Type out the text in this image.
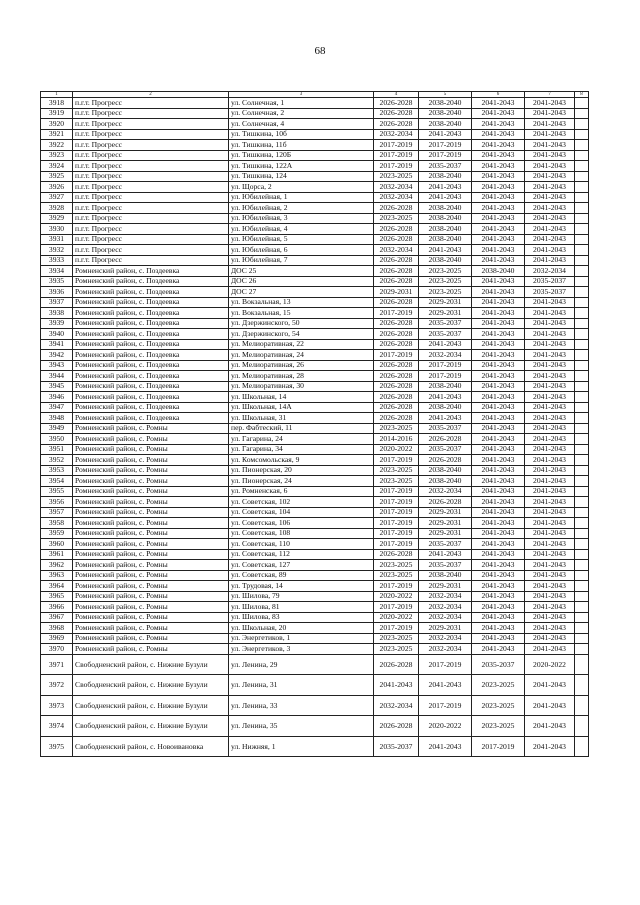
68
1	2	3	4	5	6	7	8
3918	п.г.т. Прогресс	ул. Солнечная, 1	2026-2028	2038-2040	2041-2043	2041-2043	
3919	п.г.т. Прогресс	ул. Солнечная, 2	2026-2028	2038-2040	2041-2043	2041-2043	
3920	п.г.т. Прогресс	ул. Солнечная, 4	2026-2028	2038-2040	2041-2043	2041-2043	
3921	п.г.т. Прогресс	ул. Тишкина, 10б	2032-2034	2041-2043	2041-2043	2041-2043	
3922	п.г.т. Прогресс	ул. Тишкина, 11б	2017-2019	2017-2019	2041-2043	2041-2043	
3923	п.г.т. Прогресс	ул. Тишкина, 120Б	2017-2019	2017-2019	2041-2043	2041-2043	
3924	п.г.т. Прогресс	ул. Тишкина, 122А	2017-2019	2035-2037	2041-2043	2041-2043	
3925	п.г.т. Прогресс	ул. Тишкина, 124	2023-2025	2038-2040	2041-2043	2041-2043	
3926	п.г.т. Прогресс	ул. Щорса, 2	2032-2034	2041-2043	2041-2043	2041-2043	
3927	п.г.т. Прогресс	ул. Юбилейная, 1	2032-2034	2041-2043	2041-2043	2041-2043	
3928	п.г.т. Прогресс	ул. Юбилейная, 2	2026-2028	2038-2040	2041-2043	2041-2043	
3929	п.г.т. Прогресс	ул. Юбилейная, 3	2023-2025	2038-2040	2041-2043	2041-2043	
3930	п.г.т. Прогресс	ул. Юбилейная, 4	2026-2028	2038-2040	2041-2043	2041-2043	
3931	п.г.т. Прогресс	ул. Юбилейная, 5	2026-2028	2038-2040	2041-2043	2041-2043	
3932	п.г.т. Прогресс	ул. Юбилейная, 6	2032-2034	2041-2043	2041-2043	2041-2043	
3933	п.г.т. Прогресс	ул. Юбилейная, 7	2026-2028	2038-2040	2041-2043	2041-2043	
3934	Ромненский район, с. Поздеевка	ДОС 25	2026-2028	2023-2025	2038-2040	2032-2034	
3935	Ромненский район, с. Поздеевка	ДОС 26	2026-2028	2023-2025	2041-2043	2035-2037	
3936	Ромненский район, с. Поздеевка	ДОС 27	2029-2031	2023-2025	2041-2043	2035-2037	
3937	Ромненский район, с. Поздеевка	ул. Вокзальная, 13	2026-2028	2029-2031	2041-2043	2041-2043	
3938	Ромненский район, с. Поздеевка	ул. Вокзальная, 15	2017-2019	2029-2031	2041-2043	2041-2043	
3939	Ромненский район, с. Поздеевка	ул. Дзержинского, 50	2026-2028	2035-2037	2041-2043	2041-2043	
3940	Ромненский район, с. Поздеевка	ул. Дзержинского, 54	2026-2028	2035-2037	2041-2043	2041-2043	
3941	Ромненский район, с. Поздеевка	ул. Мелиоративная, 22	2026-2028	2041-2043	2041-2043	2041-2043	
3942	Ромненский район, с. Поздеевка	ул. Мелиоративная, 24	2017-2019	2032-2034	2041-2043	2041-2043	
3943	Ромненский район, с. Поздеевка	ул. Мелиоративная, 26	2026-2028	2017-2019	2041-2043	2041-2043	
3944	Ромненский район, с. Поздеевка	ул. Мелиоративная, 28	2026-2028	2017-2019	2041-2043	2041-2043	
3945	Ромненский район, с. Поздеевка	ул. Мелиоративная, 30	2026-2028	2038-2040	2041-2043	2041-2043	
3946	Ромненский район, с. Поздеевка	ул. Школьная, 14	2026-2028	2041-2043	2041-2043	2041-2043	
3947	Ромненский район, с. Поздеевка	ул. Школьная, 14А	2026-2028	2038-2040	2041-2043	2041-2043	
3948	Ромненский район, с. Поздеевка	ул. Школьная, 31	2026-2028	2041-2043	2041-2043	2041-2043	
3949	Ромненский район, с. Ромны	пер. Фабтеский, 11	2023-2025	2035-2037	2041-2043	2041-2043	
3950	Ромненский район, с. Ромны	ул. Гагарина, 24	2014-2016	2026-2028	2041-2043	2041-2043	
3951	Ромненский район, с. Ромны	ул. Гагарина, 34	2020-2022	2035-2037	2041-2043	2041-2043	
3952	Ромненский район, с. Ромны	ул. Комсомольская, 9	2017-2019	2026-2028	2041-2043	2041-2043	
3953	Ромненский район, с. Ромны	ул. Пионерская, 20	2023-2025	2038-2040	2041-2043	2041-2043	
3954	Ромненский район, с. Ромны	ул. Пионерская, 24	2023-2025	2038-2040	2041-2043	2041-2043	
3955	Ромненский район, с. Ромны	ул. Ромненская, 6	2017-2019	2032-2034	2041-2043	2041-2043	
3956	Ромненский район, с. Ромны	ул. Советская, 102	2017-2019	2026-2028	2041-2043	2041-2043	
3957	Ромненский район, с. Ромны	ул. Советская, 104	2017-2019	2029-2031	2041-2043	2041-2043	
3958	Ромненский район, с. Ромны	ул. Советская, 106	2017-2019	2029-2031	2041-2043	2041-2043	
3959	Ромненский район, с. Ромны	ул. Советская, 108	2017-2019	2029-2031	2041-2043	2041-2043	
3960	Ромненский район, с. Ромны	ул. Советская, 110	2017-2019	2035-2037	2041-2043	2041-2043	
3961	Ромненский район, с. Ромны	ул. Советская, 112	2026-2028	2041-2043	2041-2043	2041-2043	
3962	Ромненский район, с. Ромны	ул. Советская, 127	2023-2025	2035-2037	2041-2043	2041-2043	
3963	Ромненский район, с. Ромны	ул. Советская, 89	2023-2025	2038-2040	2041-2043	2041-2043	
3964	Ромненский район, с. Ромны	ул. Трудовая, 14	2017-2019	2029-2031	2041-2043	2041-2043	
3965	Ромненский район, с. Ромны	ул. Шилова, 79	2020-2022	2032-2034	2041-2043	2041-2043	
3966	Ромненский район, с. Ромны	ул. Шилова, 81	2017-2019	2032-2034	2041-2043	2041-2043	
3967	Ромненский район, с. Ромны	ул. Шилова, 83	2020-2022	2032-2034	2041-2043	2041-2043	
3968	Ромненский район, с. Ромны	ул. Школьная, 20	2017-2019	2029-2031	2041-2043	2041-2043	
3969	Ромненский район, с. Ромны	ул. Энергетиков, 1	2023-2025	2032-2034	2041-2043	2041-2043	
3970	Ромненский район, с. Ромны	ул. Энергетиков, 3	2023-2025	2032-2034	2041-2043	2041-2043	
3971	Свободненский район, с. Нижние Бузули	ул. Ленина, 29	2026-2028	2017-2019	2035-2037	2020-2022	
3972	Свободненский район, с. Нижние Бузули	ул. Ленина, 31	2041-2043	2041-2043	2023-2025	2041-2043	
3973	Свободненский район, с. Нижние Бузули	ул. Ленина, 33	2032-2034	2017-2019	2023-2025	2041-2043	
3974	Свободненский район, с. Нижние Бузули	ул. Ленина, 35	2026-2028	2020-2022	2023-2025	2041-2043	
3975	Свободненский район, с. Новоивановка	ул. Нижняя, 1	2035-2037	2041-2043	2017-2019	2041-2043	
